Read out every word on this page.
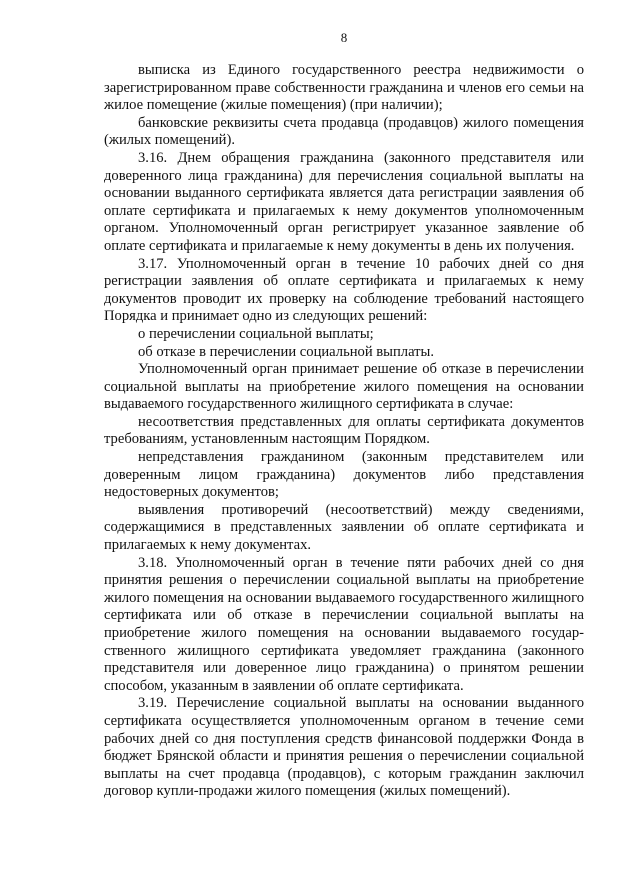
8

выписка из Единого государственного реестра недвижимости о зарегистрированном праве собственности гражданина и членов его семьи на жилое помещение (жилые помещения) (при наличии);

банковские реквизиты счета продавца (продавцов) жилого помещения (жилых помещений).

3.16. Днем обращения гражданина (законного представителя или доверенного лица гражданина) для перечисления социальной выплаты на основании выданного сертификата является дата регистрации заявления об оплате сертификата и прилагаемых к нему документов уполномоченным органом. Уполномоченный орган регистрирует указанное заявление об оплате сертификата и прилагаемые к нему документы в день их получения.

3.17. Уполномоченный орган в течение 10 рабочих дней со дня регистрации заявления об оплате сертификата и прилагаемых к нему документов проводит их проверку на соблюдение требований настоящего Порядка и принимает одно из следующих решений:

о перечислении социальной выплаты;

об отказе в перечислении социальной выплаты.

Уполномоченный орган принимает решение об отказе в перечислении социальной выплаты на приобретение жилого помещения на основании выдаваемого государственного жилищного сертификата в случае:

несоответствия представленных для оплаты сертификата документов требованиям, установленным настоящим Порядком.

непредставления гражданином (законным представителем или доверенным лицом гражданина) документов либо представления недостоверных документов;

выявления противоречий (несоответствий) между сведениями, содержащимися в представленных заявлении об оплате сертификата и прилагаемых к нему документах.

3.18. Уполномоченный орган в течение пяти рабочих дней со дня принятия решения о перечислении социальной выплаты на приобретение жилого помещения на основании выдаваемого государственного жилищного сертификата или об отказе в перечислении социальной выплаты на приобретение жилого помещения на основании выдаваемого государ-ственного жилищного сертификата уведомляет гражданина (законного представителя или доверенное лицо гражданина) о принятом решении способом, указанным в заявлении об оплате сертификата.

3.19. Перечисление социальной выплаты на основании выданного сертификата осуществляется уполномоченным органом в течение семи рабочих дней со дня поступления средств финансовой поддержки Фонда в бюджет Брянской области и принятия решения о перечислении социальной выплаты на счет продавца (продавцов), с которым гражданин заключил договор купли-продажи жилого помещения (жилых помещений).
